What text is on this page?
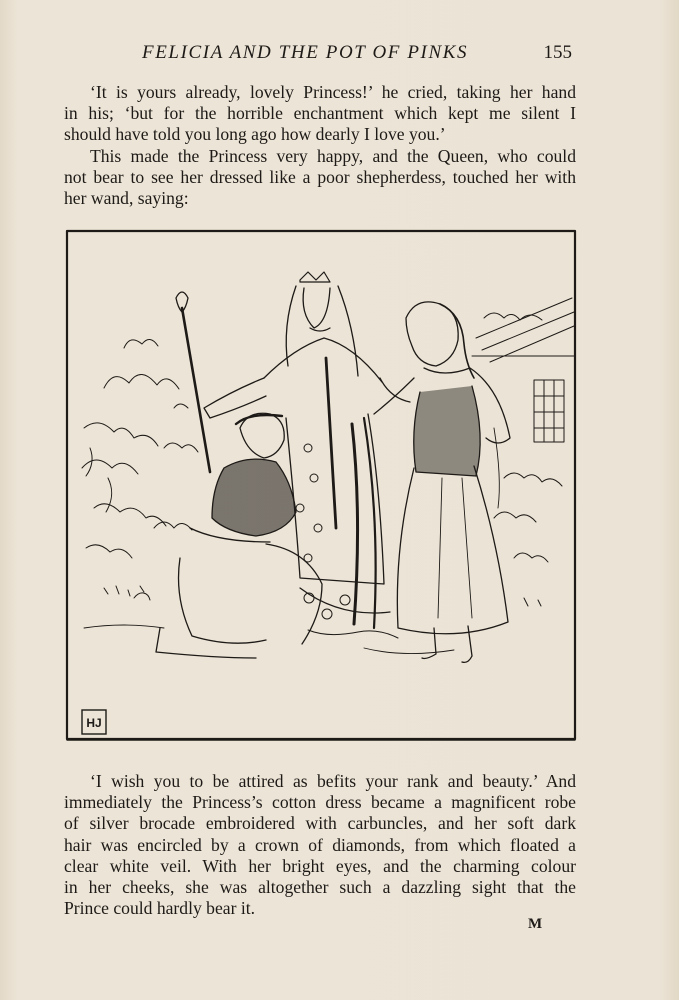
FELICIA AND THE POT OF PINKS	155
‘It is yours already, lovely Princess!’ he cried, taking her hand
in his; ‘but for the horrible enchantment which kept me silent I
should have told you long ago how dearly I love you.’
This made the Princess very happy, and the Queen, who could
not bear to see her dressed like a poor shepherdess, touched her with
her wand, saying:
HJ
‘I wish you to be attired as befits your rank and beauty.’ And
immediately the Princess’s cotton dress became a magnificent robe
of silver brocade embroidered with carbuncles, and her soft dark
hair was encircled by a crown of diamonds, from which floated a
clear white veil. With her bright eyes, and the charming colour
in her cheeks, she was altogether such a dazzling sight that the
Prince could hardly bear it.
M
